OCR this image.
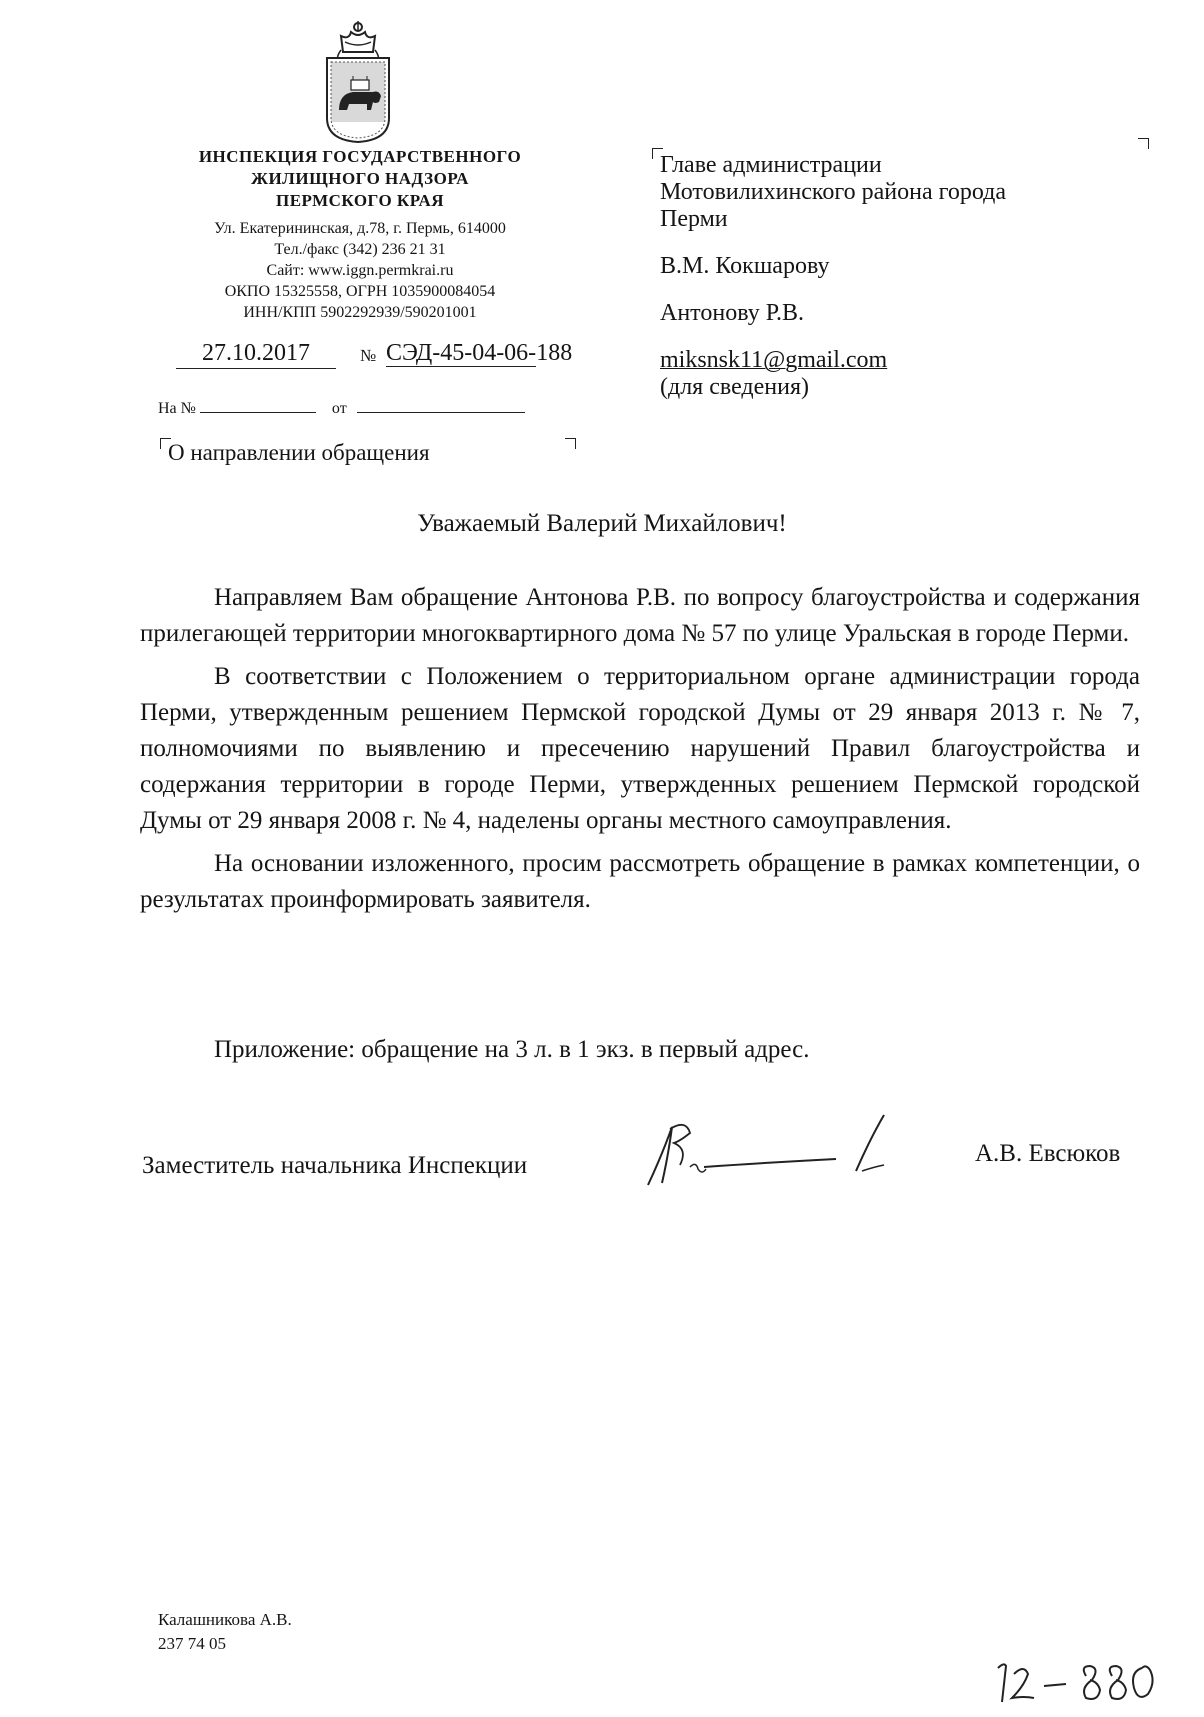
ИНСПЕКЦИЯ ГОСУДАРСТВЕННОГО
ЖИЛИЩНОГО НАДЗОРА
ПЕРМСКОГО КРАЯ
Ул. Екатерининская, д.78, г. Пермь, 614000
Тел./факс (342) 236 21 31
Сайт: www.iggn.permkrai.ru
ОКПО 15325558, ОГРН 1035900084054
ИНН/КПП 5902292939/590201001
27.10.2017	№ СЭД-45-04-06-188
На №	от
О направлении обращения
Главе администрации
Мотовилихинского района города
Перми
В.М. Кокшарову
Антонову Р.В.
miksnsk11@gmail.com
(для сведения)
Уважаемый Валерий Михайлович!

Направляем Вам обращение Антонова Р.В. по вопросу благоустройства и содержания прилегающей территории многоквартирного дома № 57 по улице Уральская в городе Перми.

В соответствии с Положением о территориальном органе администрации города Перми, утвержденным решением Пермской городской Думы от 29 января 2013 г. № 7, полномочиями по выявлению и пресечению нарушений Правил благоустройства и содержания территории в городе Перми, утвержденных решением Пермской городской Думы от 29 января 2008 г. № 4, наделены органы местного самоуправления.

На основании изложенного, просим рассмотреть обращение в рамках компетенции, о результатах проинформировать заявителя.

Приложение: обращение на 3 л. в 1 экз. в первый адрес.
Заместитель начальника Инспекции	А.В. Евсюков
Калашникова А.В.
237 74 05
